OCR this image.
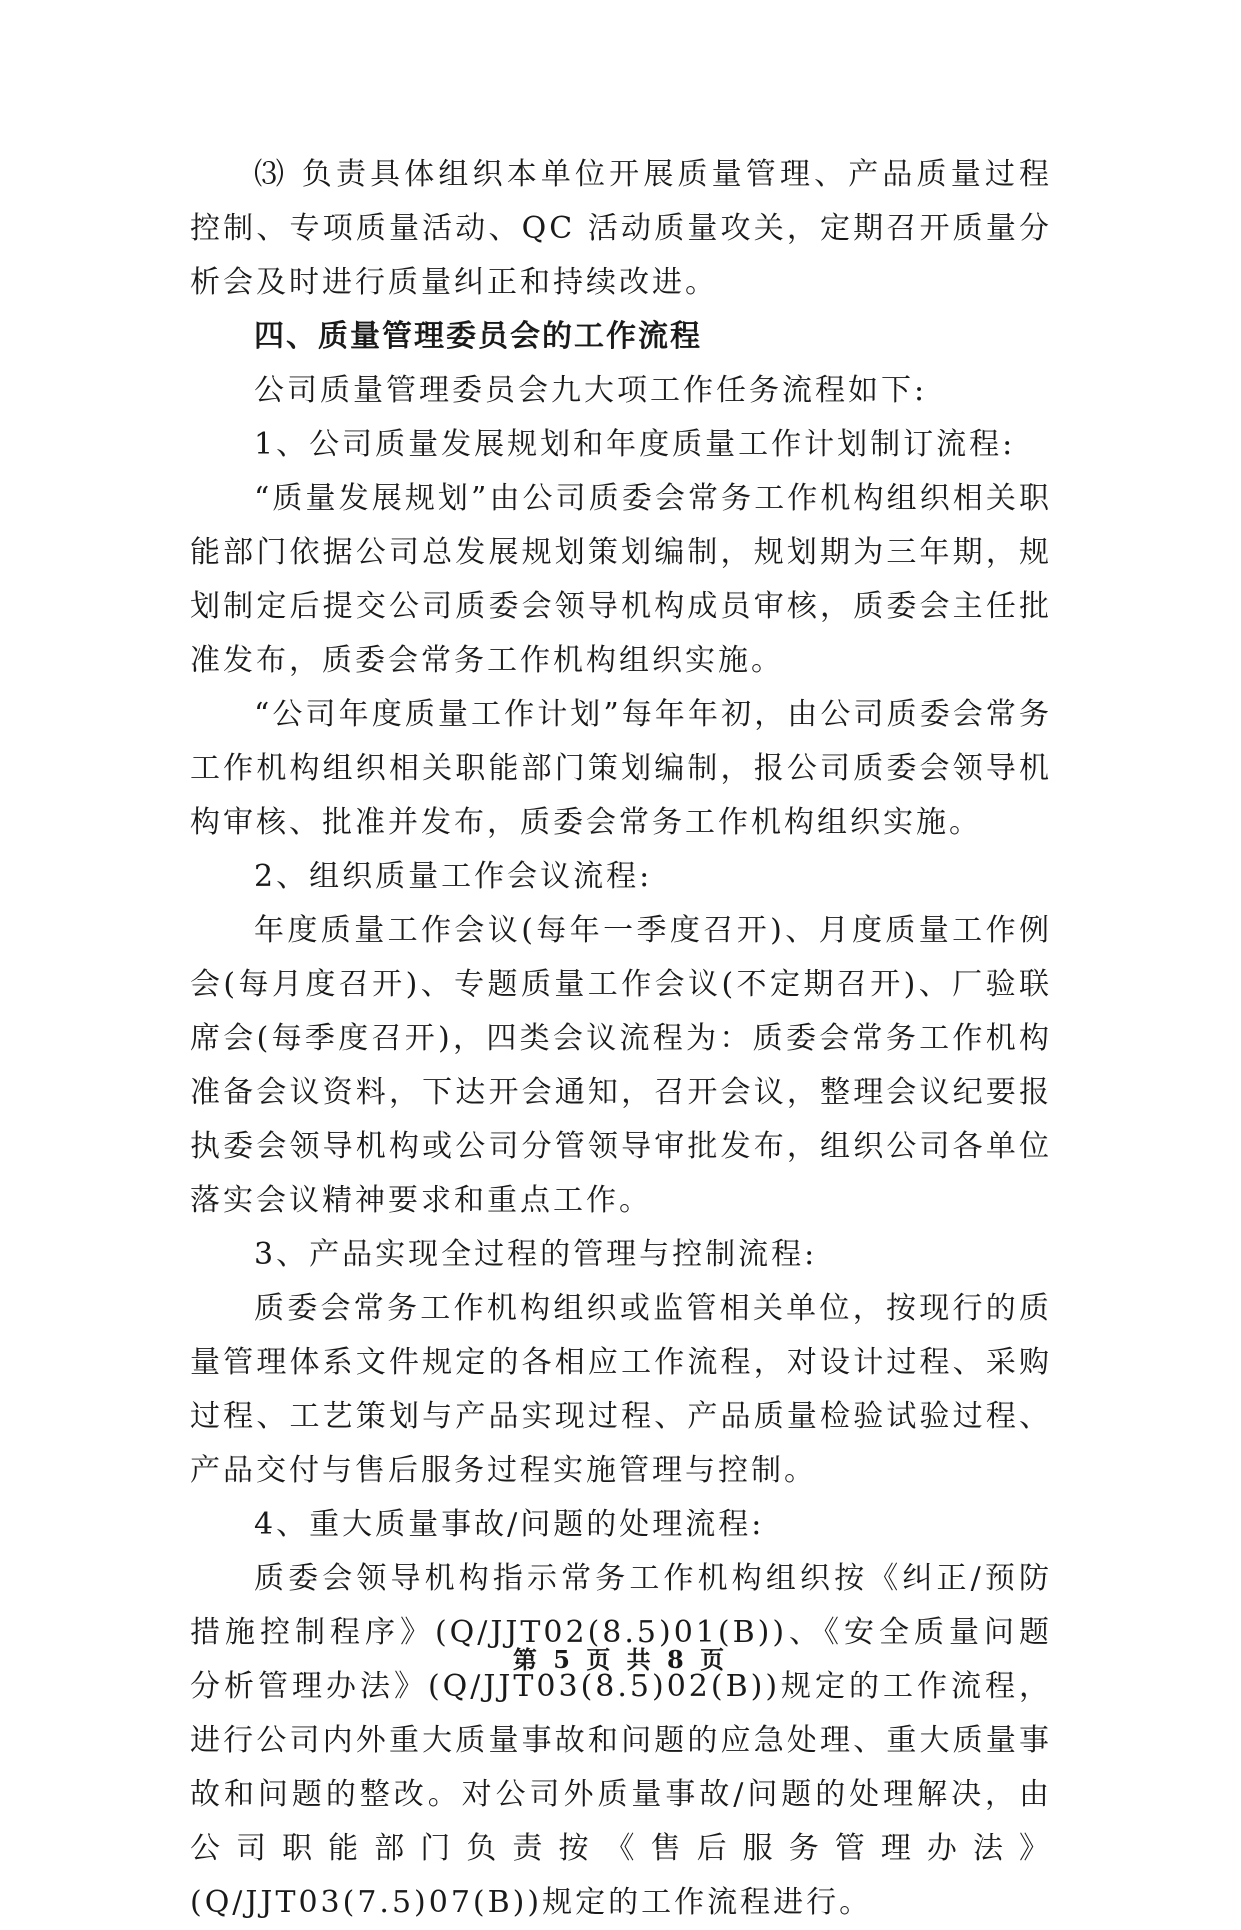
⑶ 负责具体组织本单位开展质量管理、产品质量过程控制、专项质量活动、QC 活动质量攻关，定期召开质量分析会及时进行质量纠正和持续改进。

四、质量管理委员会的工作流程

公司质量管理委员会九大项工作任务流程如下:

1、公司质量发展规划和年度质量工作计划制订流程:

“质量发展规划”由公司质委会常务工作机构组织相关职能部门依据公司总发展规划策划编制，规划期为三年期，规划制定后提交公司质委会领导机构成员审核，质委会主任批准发布，质委会常务工作机构组织实施。

“公司年度质量工作计划”每年年初，由公司质委会常务工作机构组织相关职能部门策划编制，报公司质委会领导机构审核、批准并发布，质委会常务工作机构组织实施。

2、组织质量工作会议流程:

年度质量工作会议(每年一季度召开)、月度质量工作例会(每月度召开)、专题质量工作会议(不定期召开)、厂验联席会(每季度召开)，四类会议流程为：质委会常务工作机构准备会议资料，下达开会通知，召开会议，整理会议纪要报执委会领导机构或公司分管领导审批发布，组织公司各单位落实会议精神要求和重点工作。

3、产品实现全过程的管理与控制流程:

质委会常务工作机构组织或监管相关单位，按现行的质量管理体系文件规定的各相应工作流程，对设计过程、采购过程、工艺策划与产品实现过程、产品质量检验试验过程、产品交付与售后服务过程实施管理与控制。

4、重大质量事故/问题的处理流程:

质委会领导机构指示常务工作机构组织按《纠正/预防措施控制程序》(Q/JJT02(8.5)01(B))、《安全质量问题分析管理办法》(Q/JJT03(8.5)02(B))规定的工作流程，进行公司内外重大质量事故和问题的应急处理、重大质量事故和问题的整改。对公司外质量事故/问题的处理解决，由公司职能部门负责按《售后服务管理办法》(Q/JJT03(7.5)07(B))规定的工作流程进行。

第 5 页 共 8 页
